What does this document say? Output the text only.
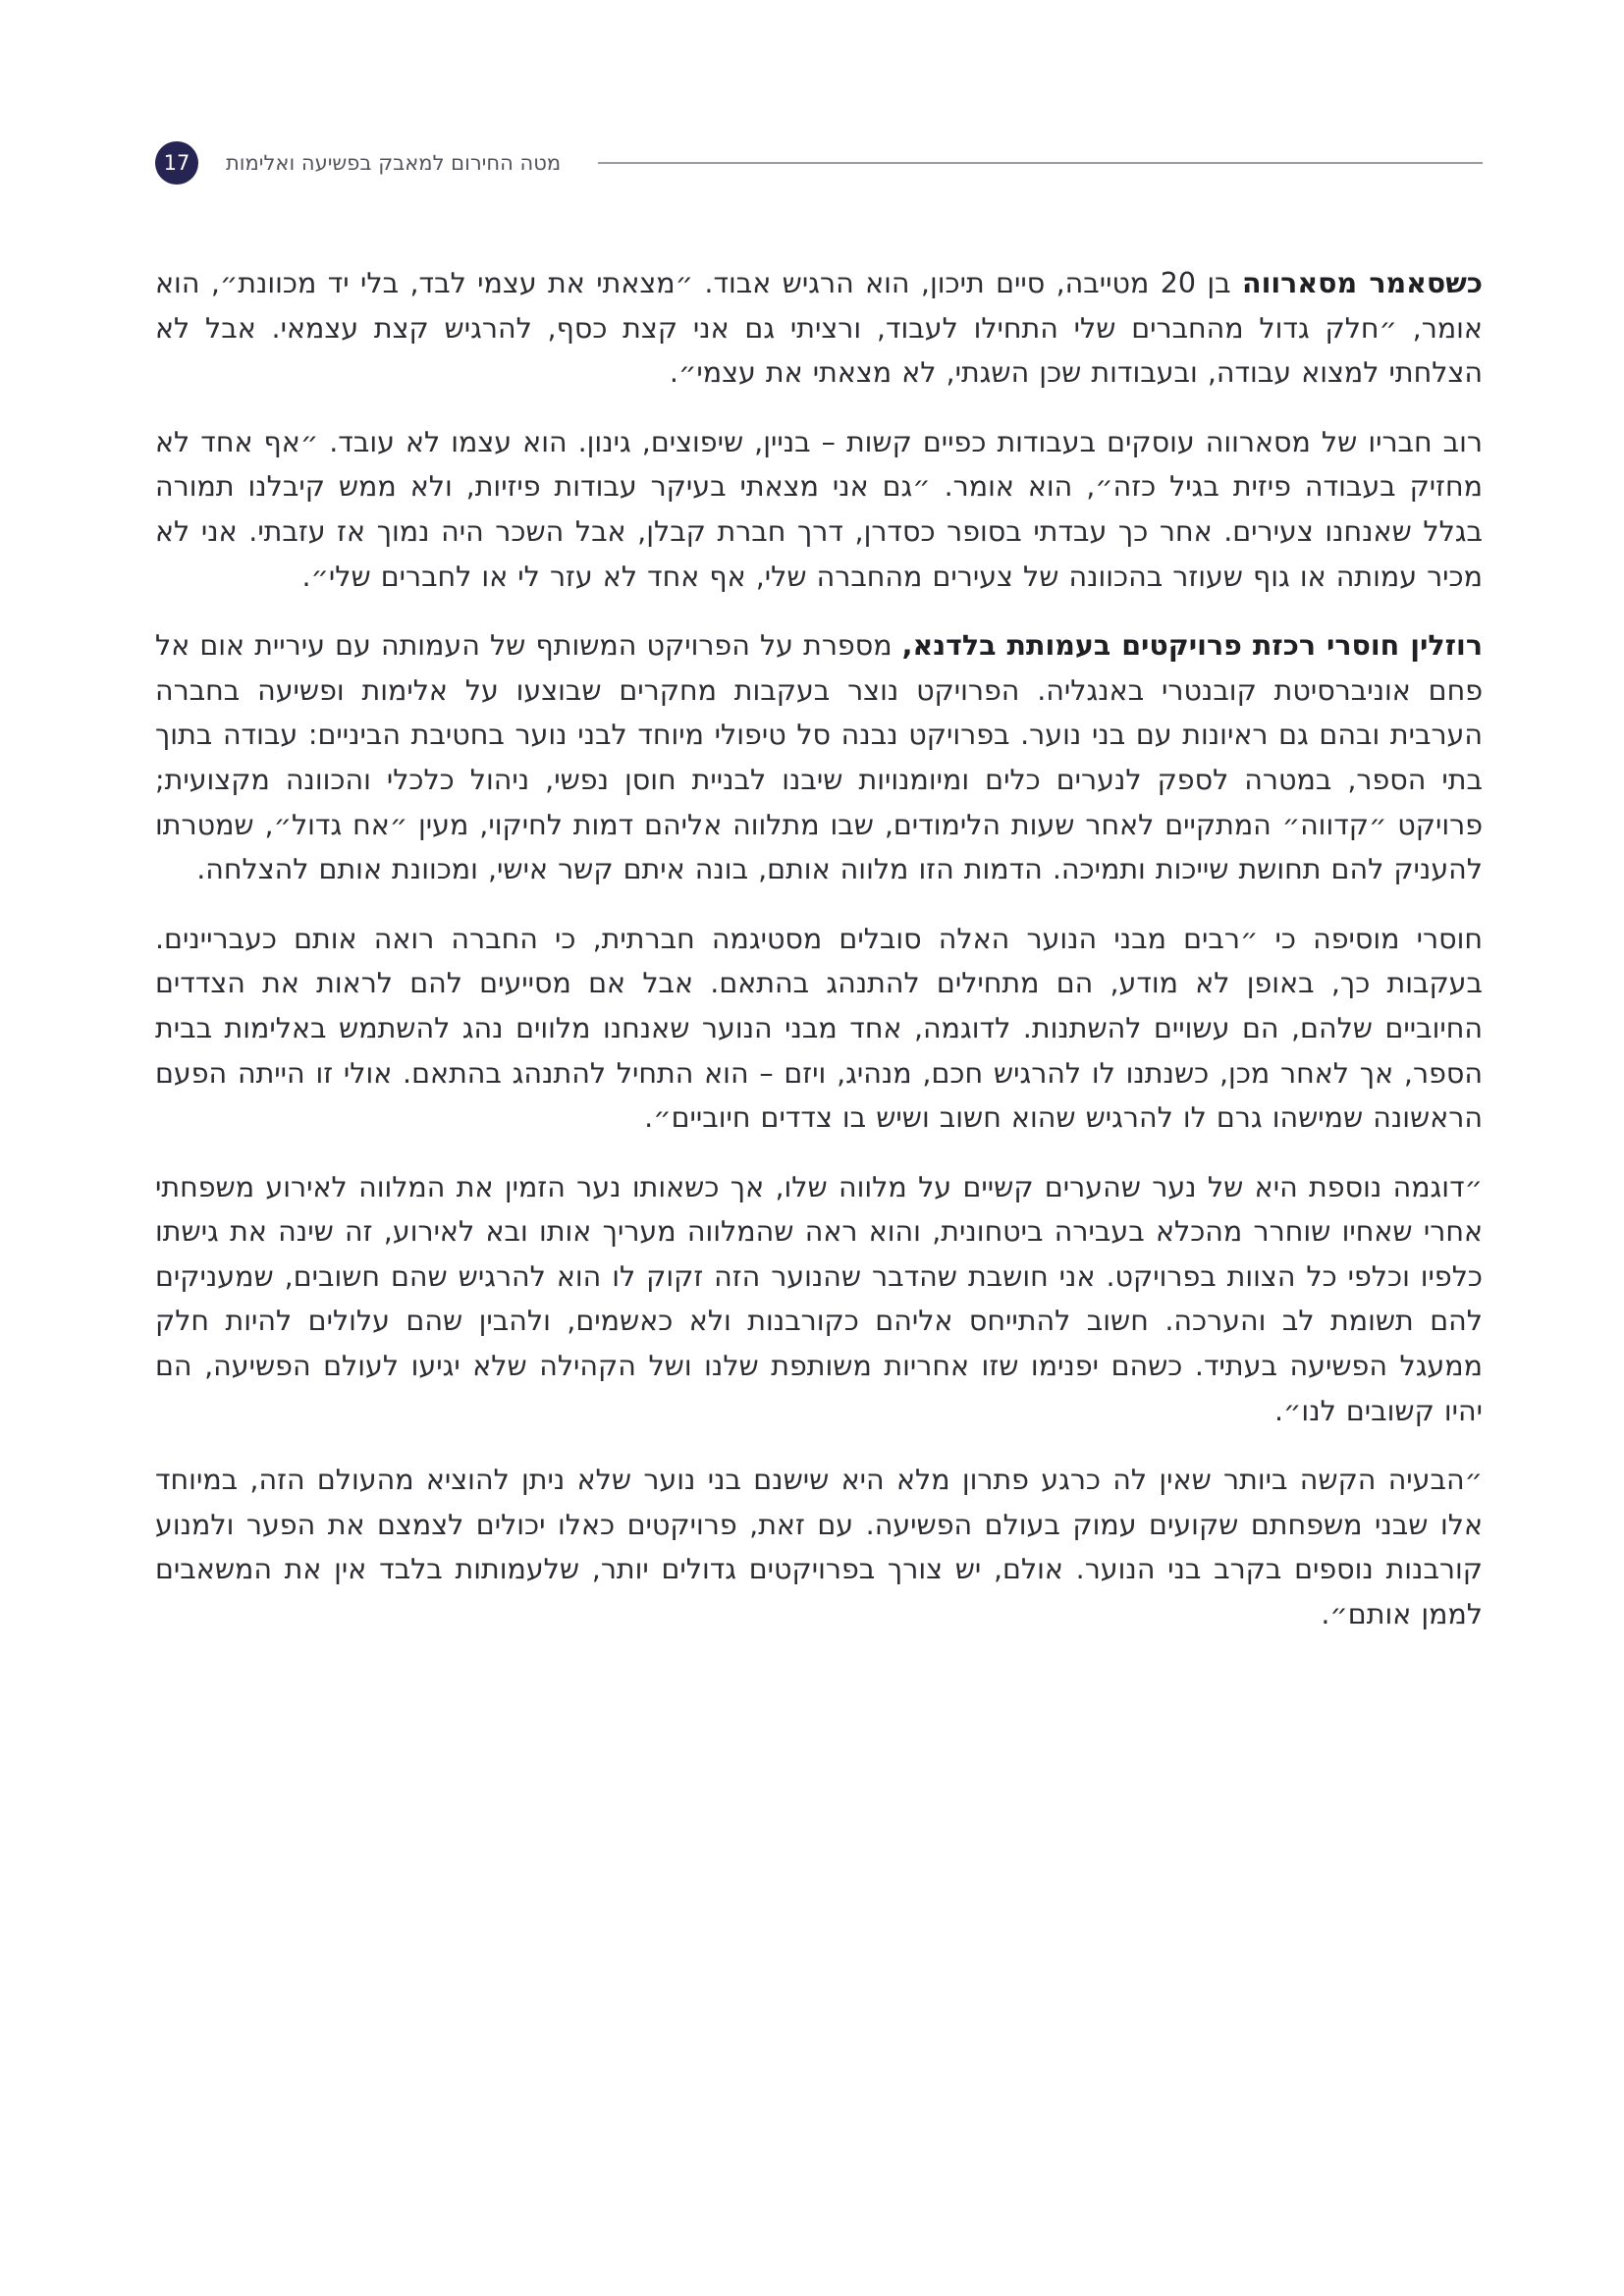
17	מטה החירום למאבק בפשיעה ואלימות

כשסאמר מסארווה בן 20 מטייבה, סיים תיכון, הוא הרגיש אבוד. ״מצאתי את עצמי לבד, בלי יד מכוונת״, הוא אומר, ״חלק גדול מהחברים שלי התחילו לעבוד, ורציתי גם אני קצת כסף, להרגיש קצת עצמאי. אבל לא הצלחתי למצוא עבודה, ובעבודות שכן השגתי, לא מצאתי את עצמי״.

רוב חבריו של מסארווה עוסקים בעבודות כפיים קשות – בניין, שיפוצים, גינון. הוא עצמו לא עובד. ״אף אחד לא מחזיק בעבודה פיזית בגיל כזה״, הוא אומר. ״גם אני מצאתי בעיקר עבודות פיזיות, ולא ממש קיבלנו תמורה בגלל שאנחנו צעירים. אחר כך עבדתי בסופר כסדרן, דרך חברת קבלן, אבל השכר היה נמוך אז עזבתי. אני לא מכיר עמותה או גוף שעוזר בהכוונה של צעירים מהחברה שלי, אף אחד לא עזר לי או לחברים שלי״.

רוזלין חוסרי רכזת פרויקטים בעמותת בלדנא, מספרת על הפרויקט המשותף של העמותה עם עיריית אום אל פחם אוניברסיטת קובנטרי באנגליה. הפרויקט נוצר בעקבות מחקרים שבוצעו על אלימות ופשיעה בחברה הערבית ובהם גם ראיונות עם בני נוער. בפרויקט נבנה סל טיפולי מיוחד לבני נוער בחטיבת הביניים: עבודה בתוך בתי הספר, במטרה לספק לנערים כלים ומיומנויות שיבנו לבניית חוסן נפשי, ניהול כלכלי והכוונה מקצועית; פרויקט ״קדווה״ המתקיים לאחר שעות הלימודים, שבו מתלווה אליהם דמות לחיקוי, מעין ״אח גדול״, שמטרתו להעניק להם תחושת שייכות ותמיכה. הדמות הזו מלווה אותם, בונה איתם קשר אישי, ומכוונת אותם להצלחה.

חוסרי מוסיפה כי ״רבים מבני הנוער האלה סובלים מסטיגמה חברתית, כי החברה רואה אותם כעבריינים. בעקבות כך, באופן לא מודע, הם מתחילים להתנהג בהתאם. אבל אם מסייעים להם לראות את הצדדים החיוביים שלהם, הם עשויים להשתנות. לדוגמה, אחד מבני הנוער שאנחנו מלווים נהג להשתמש באלימות בבית הספר, אך לאחר מכן, כשנתנו לו להרגיש חכם, מנהיג, ויזם – הוא התחיל להתנהג בהתאם. אולי זו הייתה הפעם הראשונה שמישהו גרם לו להרגיש שהוא חשוב ושיש בו צדדים חיוביים״.

״דוגמה נוספת היא של נער שהערים קשיים על מלווה שלו, אך כשאותו נער הזמין את המלווה לאירוע משפחתי אחרי שאחיו שוחרר מהכלא בעבירה ביטחונית, והוא ראה שהמלווה מעריך אותו ובא לאירוע, זה שינה את גישתו כלפיו וכלפי כל הצוות בפרויקט. אני חושבת שהדבר שהנוער הזה זקוק לו הוא להרגיש שהם חשובים, שמעניקים להם תשומת לב והערכה. חשוב להתייחס אליהם כקורבנות ולא כאשמים, ולהבין שהם עלולים להיות חלק ממעגל הפשיעה בעתיד. כשהם יפנימו שזו אחריות משותפת שלנו ושל הקהילה שלא יגיעו לעולם הפשיעה, הם יהיו קשובים לנו״.

״הבעיה הקשה ביותר שאין לה כרגע פתרון מלא היא שישנם בני נוער שלא ניתן להוציא מהעולם הזה, במיוחד אלו שבני משפחתם שקועים עמוק בעולם הפשיעה. עם זאת, פרויקטים כאלו יכולים לצמצם את הפער ולמנוע קורבנות נוספים בקרב בני הנוער. אולם, יש צורך בפרויקטים גדולים יותר, שלעמותות בלבד אין את המשאבים לממן אותם״.
